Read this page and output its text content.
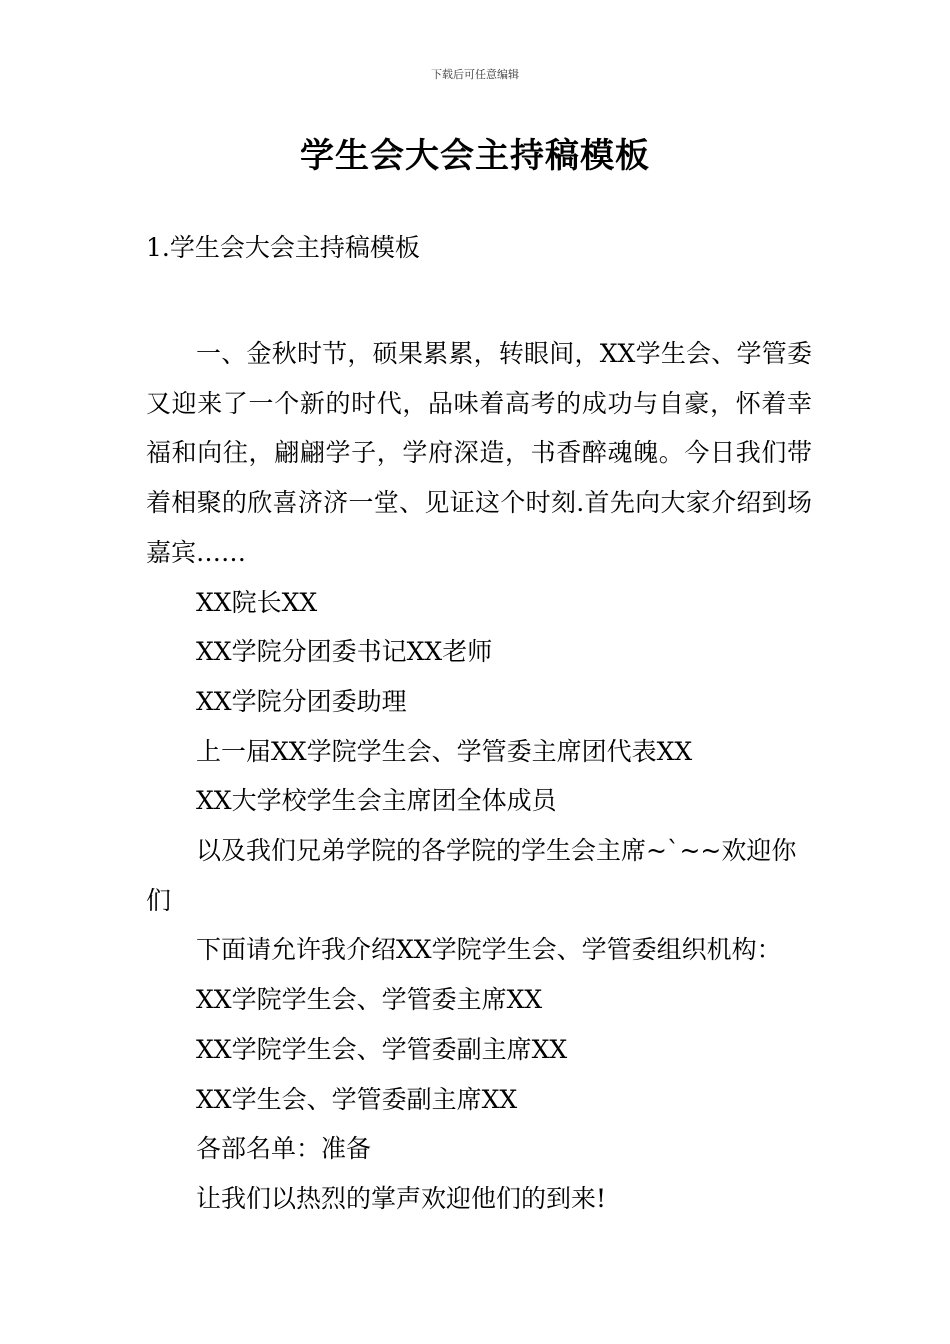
下载后可任意编辑
学生会大会主持稿模板
1.学生会大会主持稿模板

一、金秋时节，硕果累累，转眼间，XX学生会、学管委又迎来了一个新的时代，品味着高考的成功与自豪，怀着幸福和向往，翩翩学子，学府深造，书香醉魂魄。今日我们带着相聚的欣喜济济一堂、见证这个时刻.首先向大家介绍到场嘉宾……

XX院长XX

XX学院分团委书记XX老师

XX学院分团委助理

上一届XX学院学生会、学管委主席团代表XX

XX大学校学生会主席团全体成员

以及我们兄弟学院的各学院的学生会主席~`~~欢迎你们

下面请允许我介绍XX学院学生会、学管委组织机构：

XX学院学生会、学管委主席XX

XX学院学生会、学管委副主席XX

XX学生会、学管委副主席XX

各部名单：准备

让我们以热烈的掌声欢迎他们的到来!
